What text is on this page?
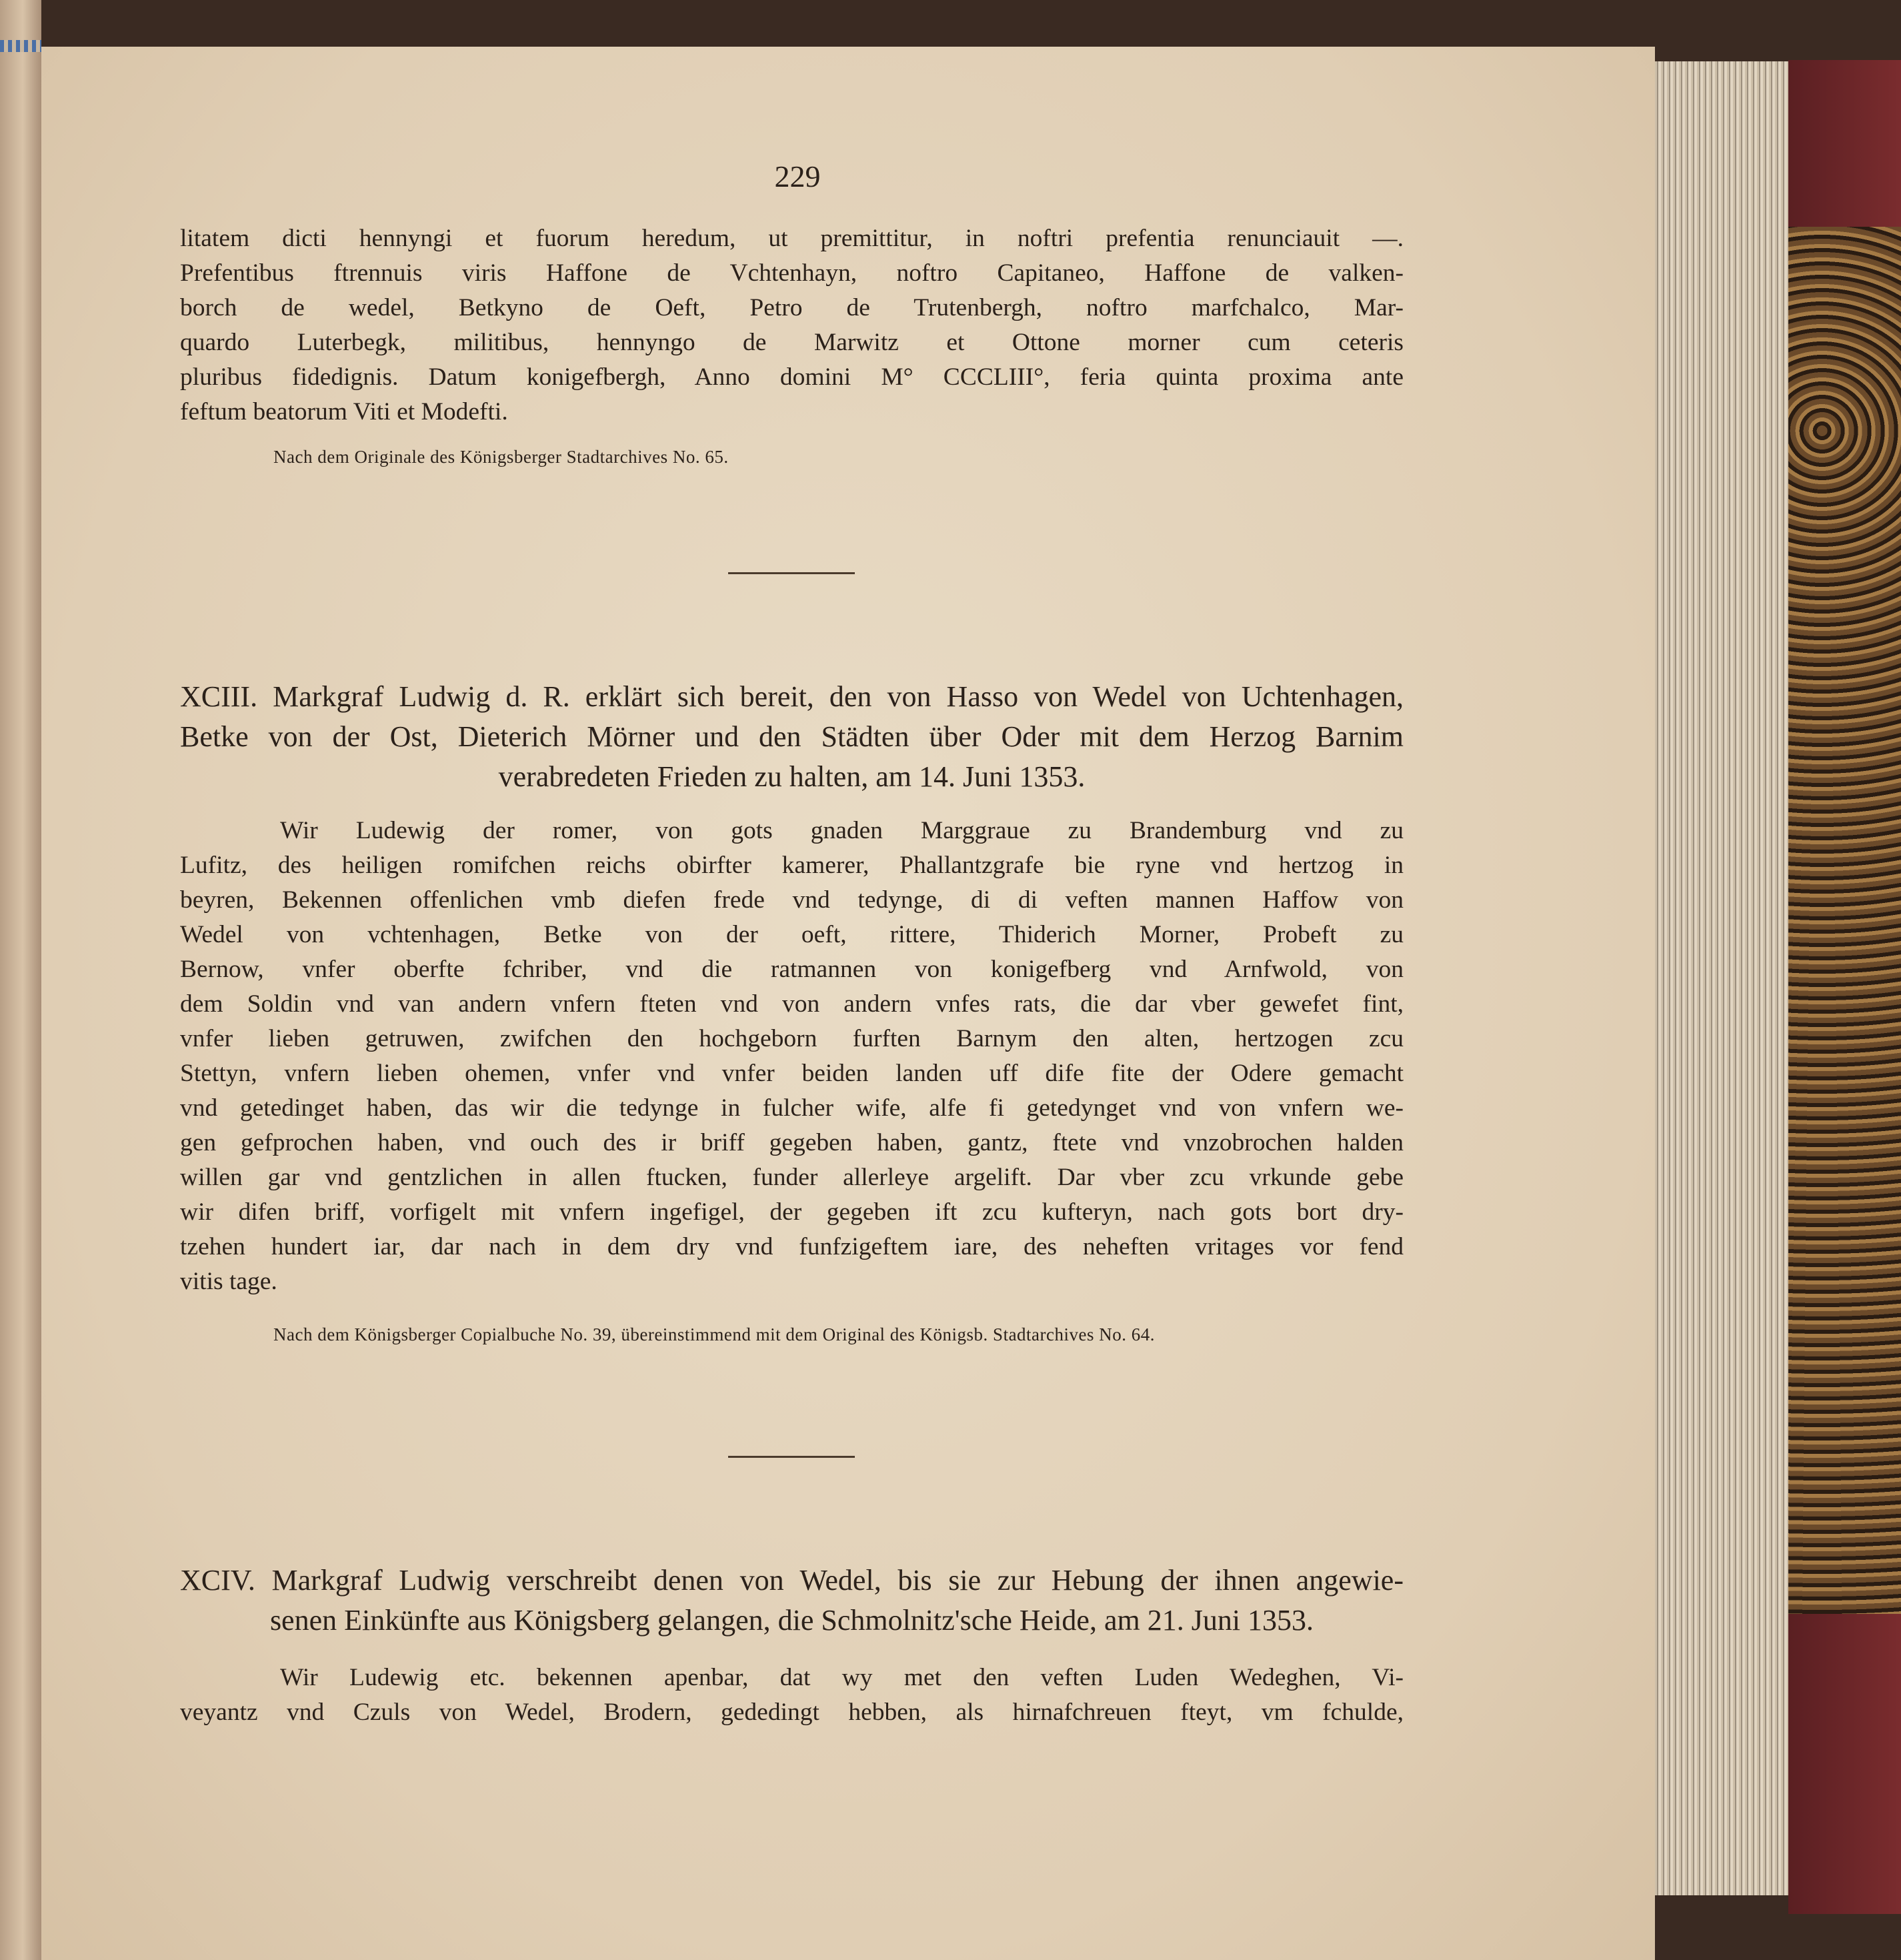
229
litatem dicti hennyngi et fuorum heredum, ut premittitur, in noftri prefentia renunciauit —.
Prefentibus ftrennuis viris Haffone de Vchtenhayn, noftro Capitaneo, Haffone de valken-
borch de wedel, Betkyno de Oeft, Petro de Trutenbergh, noftro marfchalco, Mar-
quardo Luterbegk, militibus, hennyngo de Marwitz et Ottone morner cum ceteris
pluribus fidedignis. Datum konigefbergh, Anno domini M° CCCLIII°, feria quinta proxima ante
feftum beatorum Viti et Modefti.
Nach dem Originale des Königsberger Stadtarchives No. 65.
XCIII. Markgraf Ludwig d. R. erklärt sich bereit, den von Hasso von Wedel von Uchtenhagen,
Betke von der Ost, Dieterich Mörner und den Städten über Oder mit dem Herzog Barnim
verabredeten Frieden zu halten, am 14. Juni 1353.
Wir Ludewig der romer, von gots gnaden Marggraue zu Brandemburg vnd zu
Lufitz, des heiligen romifchen reichs obirfter kamerer, Phallantzgrafe bie ryne vnd hertzog in
beyren, Bekennen offenlichen vmb diefen frede vnd tedynge, di di veften mannen Haffow von
Wedel von vchtenhagen, Betke von der oeft, rittere, Thiderich Morner, Probeft zu
Bernow, vnfer oberfte fchriber, vnd die ratmannen von konigefberg vnd Arnfwold, von
dem Soldin vnd van andern vnfern fteten vnd von andern vnfes rats, die dar vber gewefet fint,
vnfer lieben getruwen, zwifchen den hochgeborn furften Barnym den alten, hertzogen zcu
Stettyn, vnfern lieben ohemen, vnfer vnd vnfer beiden landen uff dife fite der Odere gemacht
vnd getedinget haben, das wir die tedynge in fulcher wife, alfe fi getedynget vnd von vnfern we-
gen gefprochen haben, vnd ouch des ir briff gegeben haben, gantz, ftete vnd vnzobrochen halden
willen gar vnd gentzlichen in allen ftucken, funder allerleye argelift. Dar vber zcu vrkunde gebe
wir difen briff, vorfigelt mit vnfern ingefigel, der gegeben ift zcu kufteryn, nach gots bort dry-
tzehen hundert iar, dar nach in dem dry vnd funfzigeftem iare, des neheften vritages vor fend
vitis tage.
Nach dem Königsberger Copialbuche No. 39, übereinstimmend mit dem Original des Königsb. Stadtarchives No. 64.
XCIV. Markgraf Ludwig verschreibt denen von Wedel, bis sie zur Hebung der ihnen angewie-
senen Einkünfte aus Königsberg gelangen, die Schmolnitz'sche Heide, am 21. Juni 1353.
Wir Ludewig etc. bekennen apenbar, dat wy met den veften Luden Wedeghen, Vi-
veyantz vnd Czuls von Wedel, Brodern, gededingt hebben, als hirnafchreuen fteyt, vm fchulde,
